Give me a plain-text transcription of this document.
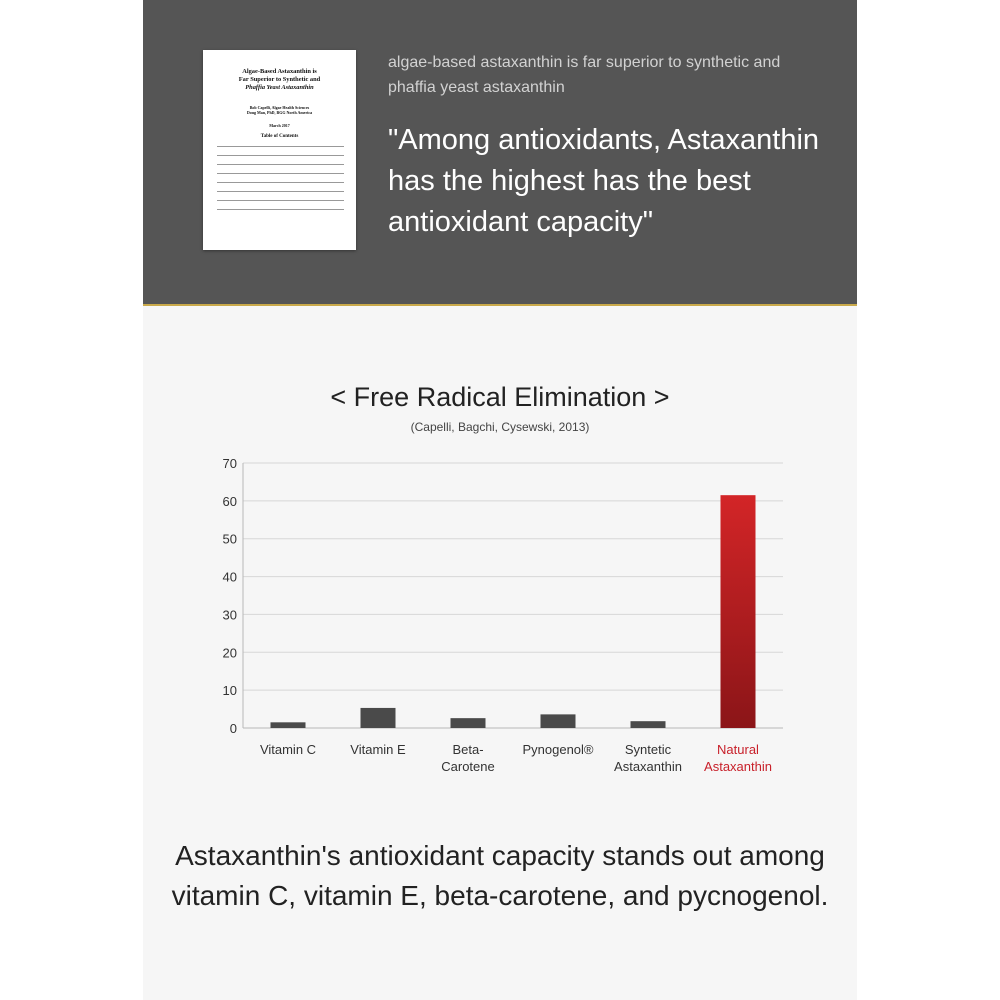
Algae-Based Astaxanthin is
Far Superior to Synthetic and
Phaffia Yeast Astaxanthin
Bob Capelli, Algae Health Sciences
Doug Man, PhD, BGG North America
March 2017
Table of Contents
algae-based astaxanthin is far superior to synthetic and phaffia yeast astaxanthin
"Among antioxidants, Astaxanthin
has the highest has the best
antioxidant capacity"
< Free Radical Elimination >
(Capelli, Bagchi, Cysewski, 2013)
0
10
20
30
40
50
60
70
Vitamin C	Vitamin E	Beta-
Carotene
Pynogenol® Syntetic
Astaxanthin
Natural
Astaxanthin
Astaxanthin's antioxidant capacity stands out among
vitamin C, vitamin E, beta-carotene, and pycnogenol.
